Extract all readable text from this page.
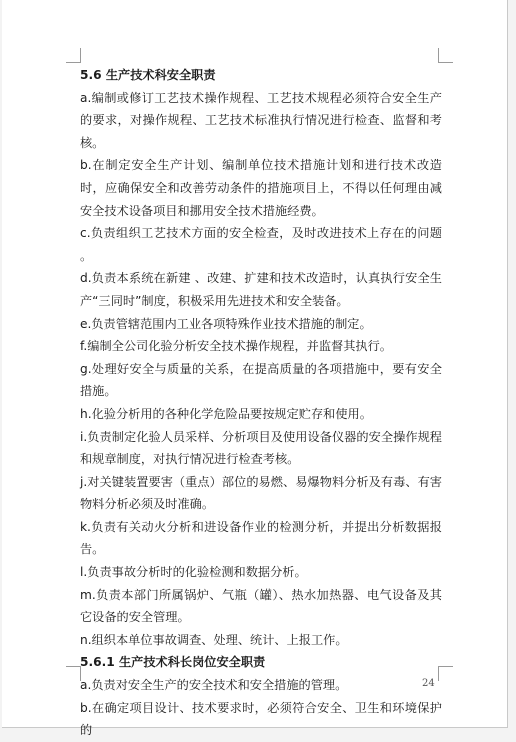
5.6 生产技术科安全职责

a.编制或修订工艺技术操作规程、工艺技术规程必须符合安全生产的要求，对操作规程、工艺技术标准执行情况进行检查、监督和考核。

b.在制定安全生产计划、编制单位技术措施计划和进行技术改造时，应确保安全和改善劳动条件的措施项目上，不得以任何理由减安全技术设备项目和挪用安全技术措施经费。

c.负责组织工艺技术方面的安全检查，及时改进技术上存在的问题 。

d.负责本系统在新建 、改建、扩建和技术改造时，认真执行安全生产“三同时”制度，积极采用先进技术和安全装备。

e.负责管辖范围内工业各项特殊作业技术措施的制定。

f.编制全公司化验分析安全技术操作规程，并监督其执行。

g.处理好安全与质量的关系，在提高质量的各项措施中，要有安全措施。

h.化验分析用的各种化学危险品要按规定贮存和使用。

i.负责制定化验人员采样、分析项目及使用设备仪器的安全操作规程和规章制度，对执行情况进行检查考核。

j.对关键装置要害（重点）部位的易燃、易爆物料分析及有毒、有害物料分析必须及时准确。

k.负责有关动火分析和进设备作业的检测分析，并提出分析数据报告。

l.负责事故分析时的化验检测和数据分析。

m.负责本部门所属锅炉、气瓶（罐）、热水加热器、电气设备及其它设备的安全管理。

n.组织本单位事故调查、处理、统计、上报工作。

5.6.1 生产技术科长岗位安全职责

a.负责对安全生产的安全技术和安全措施的管理。

b.在确定项目设计、技术要求时，必须符合安全、卫生和环境保护的

24
